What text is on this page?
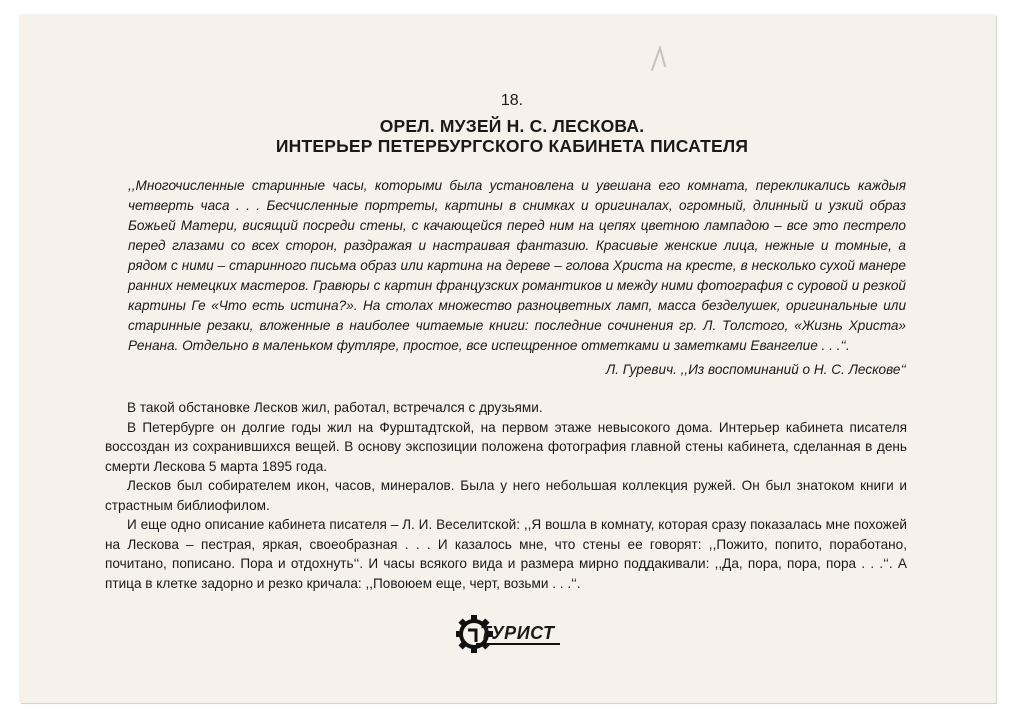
18.
ОРЕЛ. МУЗЕЙ Н. С. ЛЕСКОВА.
ИНТЕРЬЕР ПЕТЕРБУРГСКОГО КАБИНЕТА ПИСАТЕЛЯ

,,Многочисленные старинные часы, которыми была установлена и увешана его комната, перекликались каждыя четверть часа . . . Бесчисленные портреты, картины в снимках и оригиналах, огромный, длинный и узкий образ Божьей Матери, висящий посреди стены, с качающейся перед ним на цепях цветною лампадою – все это пестрело перед глазами со всех сторон, раздражая и настраивая фантазию. Красивые женские лица, нежные и томные, а рядом с ними – старинного письма образ или картина на дереве – голова Христа на кресте, в несколько сухой манере ранних немецких мастеров. Гравюры с картин французских романтиков и между ними фотография с суровой и резкой картины Ге «Что есть истина?». На столах множество разноцветных ламп, масса безделушек, оригинальные или старинные резаки, вложенные в наиболее читаемые книги: последние сочинения гр. Л. Толстого, «Жизнь Христа» Ренана. Отдельно в маленьком футляре, простое, все испещренное отметками и заметками Евангелие . . .‘‘.

Л. Гуревич. ,,Из воспоминаний о Н. С. Лескове‘‘

В такой обстановке Лесков жил, работал, встречался с друзьями.

В Петербурге он долгие годы жил на Фурштадтской, на первом этаже невысокого дома. Интерьер кабинета писателя воссоздан из сохранившихся вещей. В основу экспозиции положена фотография главной стены кабинета, сделанная в день смерти Лескова 5 марта 1895 года.

Лесков был собирателем икон, часов, минералов. Была у него небольшая коллекция ружей. Он был знатоком книги и страстным библиофилом.

И еще одно описание кабинета писателя – Л. И. Веселитской: ,,Я вошла в комнату, которая сразу показалась мне похожей на Лескова – пестрая, яркая, своеобразная . . . И казалось мне, что стены ее говорят: ,,Пожито, попито, поработано, почитано, пописано. Пора и отдохнуть‘‘. И часы всякого вида и размера мирно поддакивали: ,,Да, пора, пора, пора . . .‘‘. А птица в клетке задорно и резко кричала: ,,Повоюем еще, черт, возьми . . .‘‘.

ТУРИСТ
